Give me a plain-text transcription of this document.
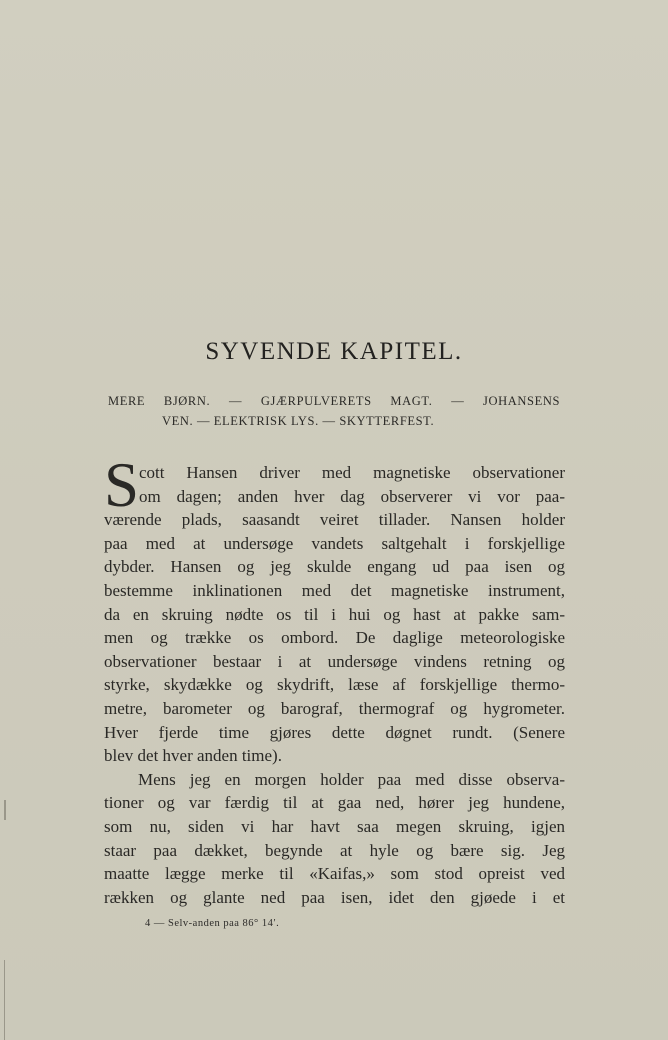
SYVENDE KAPITEL.
MERE BJØRN. — GJÆRPULVERETS MAGT. — JOHANSENS
VEN. — ELEKTRISK LYS. — SKYTTERFEST.
S cott Hansen driver med magnetiske observationer
om dagen; anden hver dag observerer vi vor paa-
værende plads, saasandt veiret tillader. Nansen holder
paa med at undersøge vandets saltgehalt i forskjellige
dybder. Hansen og jeg skulde engang ud paa isen og
bestemme inklinationen med det magnetiske instrument,
da en skruing nødte os til i hui og hast at pakke sam-
men og trække os ombord. De daglige meteorologiske
observationer bestaar i at undersøge vindens retning og
styrke, skydække og skydrift, læse af forskjellige thermo-
metre, barometer og barograf, thermograf og hygrometer.
Hver fjerde time gjøres dette døgnet rundt. (Senere
blev det hver anden time).
Mens jeg en morgen holder paa med disse observa-
tioner og var færdig til at gaa ned, hører jeg hundene,
som nu, siden vi har havt saa megen skruing, igjen
staar paa dækket, begynde at hyle og bære sig. Jeg
maatte lægge merke til «Kaifas,» som stod opreist ved
rækken og glante ned paa isen, idet den gjøede i et
4 — Selv-anden paa 86° 14′.
